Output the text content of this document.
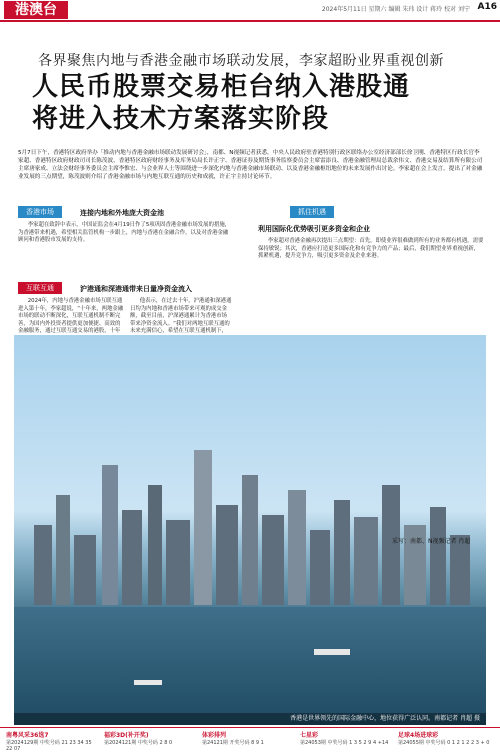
港澳台	2024年5月11日 星期六 编辑 朱玮 设计 蒋玲 校对 刘宁 A16
各界聚焦内地与香港金融市场联动发展，李家超盼业界重视创新
人民币股票交易柜台纳入港股通
将进入技术方案落实阶段
5月7日下午，香港特区政府举办「推动内地与香港金融市场联动发展研讨会」，南都、N视频记者获悉，中央人民政府驻香港特别行政区联络办公室经济部部长徐卫刚、香港特区行政长官李家超、香港特区政府财政司司长陈茂波、香港特区政府财经事务及库务局局长许正宇、香港证券及期货事务监察委员会主席雷添良、香港金融管理局总裁余伟文、香港交易及结算所有限公司主席唐家成、立法会财经事务委员会主席李惟宏、与会业界人士等围绕进一步深化内地与香港金融市场联动、以及香港金融枢纽地位的未来发展作出讨论。李家超在会上发言，提出了对金融业发展的三点期望，陈茂波则介绍了香港金融市场与内地互联互通的历史和成就，许正宇主持讨论环节。
香港市场	连接内地和外地庞大资金池
李家超在致辞中表示，中国证监会在4月19日作了5项巩固香港金融市场发展的措施，为香港带来机遇，希望相关监管机构一步跟上，内地与香港在金融合作，以及对香港金融顾问和香港股市发展的支持。
互联互通	沪港通和深港通带来日量净资金流入
2024年，内地与香港金融市场互联互通进入第十年，李家超说，“十年来，两地金融市场的联动不断深化，互联互通机制不断完善，为国内外投资者提供更加便捷、高效的金融服务，通过互联互通交易的港股，十年
他表示，在过去十年，沪港通和深港通日均为内地和香港市场带来可观的成交金额，截至目前，沪深港通累计为香港市场带来净资金流入。“我们对两地互联互通的未来充满信心，希望在互联互通机制下，
抓住机遇
利用国际化优势吸引更多资金和企业
李家超对香港金融再次提出三点期望：首先，即使业界很难做到所有的业务都有机遇，需要保持敏锐；其次，香港应打造更多国际化和有竞争力的产品；最后，我们期望业界重视创新，抓紧机遇，提升竞争力，吸引更多资金及企业来港。
香港是世界领先的国际金融中心，地位获得广泛认同。南都记者 肖超 摄
采写：南都、N视频记者 肖超
南粤风采36选7
第2024129期 中奖号码 21 23 34 35 22 07
福彩3D(补开奖)
第2024121期 中奖号码 2 8 0
体彩排列
第24121期 开奖号码 8 9 1
七星彩
第24053期 中奖号码 1 3 5 2 9 4 +14
足球4场进球彩
第24055期 中奖号码 0 1 2 1 2 2 3 + 0
